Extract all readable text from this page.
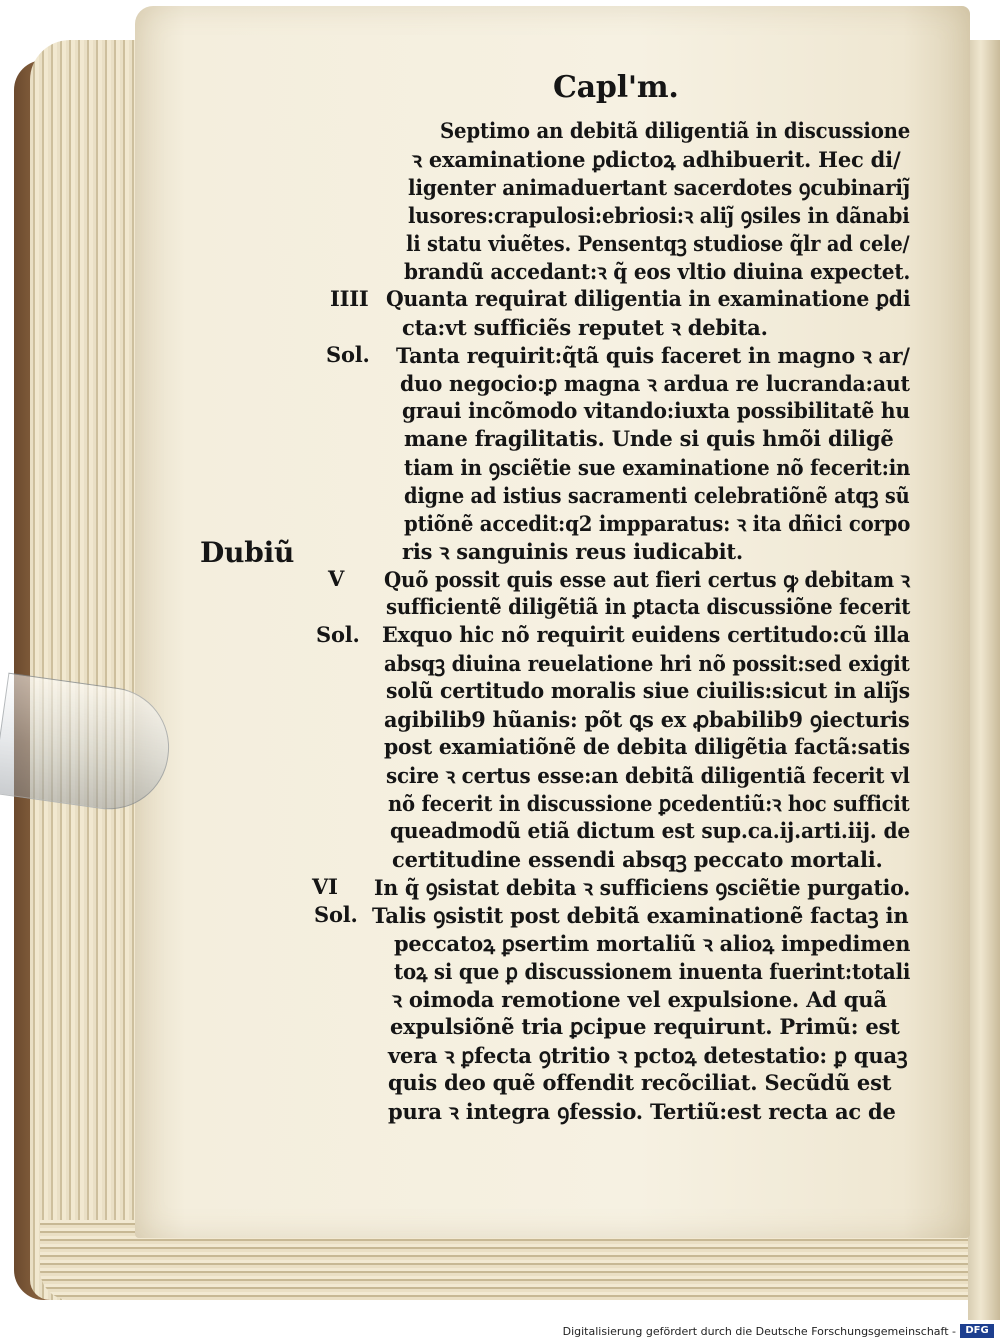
Capl'm.
Dubiũ
Septimo an debitã diligentiã in discussione
ꝛ examinatione ꝑdictoꝝ adhibuerit. Hec di/
ligenter animaduertant sacerdotes ꝯcubinariȷ̃
lusores:crapulosi:ebriosi:ꝛ aliȷ̃ ꝯsiles in dãnabi
li statu viuẽtes. Pensentqꝫ studiose q̃lr ad cele/
brandũ accedant:ꝛ q̃ eos vltio diuina expectet.
IIII Quanta requirat diligentia in examinatione ꝑdi
cta:vt sufficiẽs reputet ꝛ debita.
Sol. Tanta requirit:q̃tã quis faceret in magno ꝛ ar/
duo negocio:ꝑ magna ꝛ ardua re lucranda:aut
graui incõmodo vitando:iuxta possibilitatẽ hu
mane fragilitatis. Unde si quis hmõi diligẽ
tiam in ꝯsciẽtie sue examinatione nõ fecerit:in
digne ad istius sacramenti celebratiõnẽ atqꝫ sũ
ptiõnẽ accedit:q2 impparatus: ꝛ ita dñici corpo
ris ꝛ sanguinis reus iudicabit.
V Quõ possit quis esse aut fieri certus ꝙ debitam ꝛ
sufficientẽ diligẽtiã in ꝑtacta discussiõne fecerit
Sol. Exquo hic nõ requirit euidens certitudo:cũ illa
absqꝫ diuina reuelatione hri nõ possit:sed exigit
solũ certitudo moralis siue ciuilis:sicut in aliȷ̃s
agibilib9 hũanis: põt ꝗs ex ꝓbabilib9 ꝯiecturis
post examiatiõnẽ de debita diligẽtia factã:satis
scire ꝛ certus esse:an debitã diligentiã fecerit vl
nõ fecerit in discussione ꝑcedentiũ:ꝛ hoc sufficit
queadmodũ etiã dictum est sup.ca.ij.arti.iij. de
certitudine essendi absqꝫ peccato mortali.
VI In q̃ ꝯsistat debita ꝛ sufficiens ꝯsciẽtie purgatio.
Sol. Talis ꝯsistit post debitã examinationẽ factaꝫ in
peccatoꝝ ꝑsertim mortaliũ ꝛ alioꝝ impedimen
toꝝ si que ꝑ discussionem inuenta fuerint:totali
ꝛ oimoda remotione vel expulsione. Ad quã
expulsiõnẽ tria ꝑcipue requirunt. Primũ: est
vera ꝛ ꝑfecta ꝯtritio ꝛ pctoꝝ detestatio: ꝑ quaꝫ
quis deo quẽ offendit recõciliat. Secũdũ est
pura ꝛ integra ꝯfessio. Tertiũ:est recta ac de
Digitalisierung gefördert durch die Deutsche Forschungsgemeinschaft - DFG
